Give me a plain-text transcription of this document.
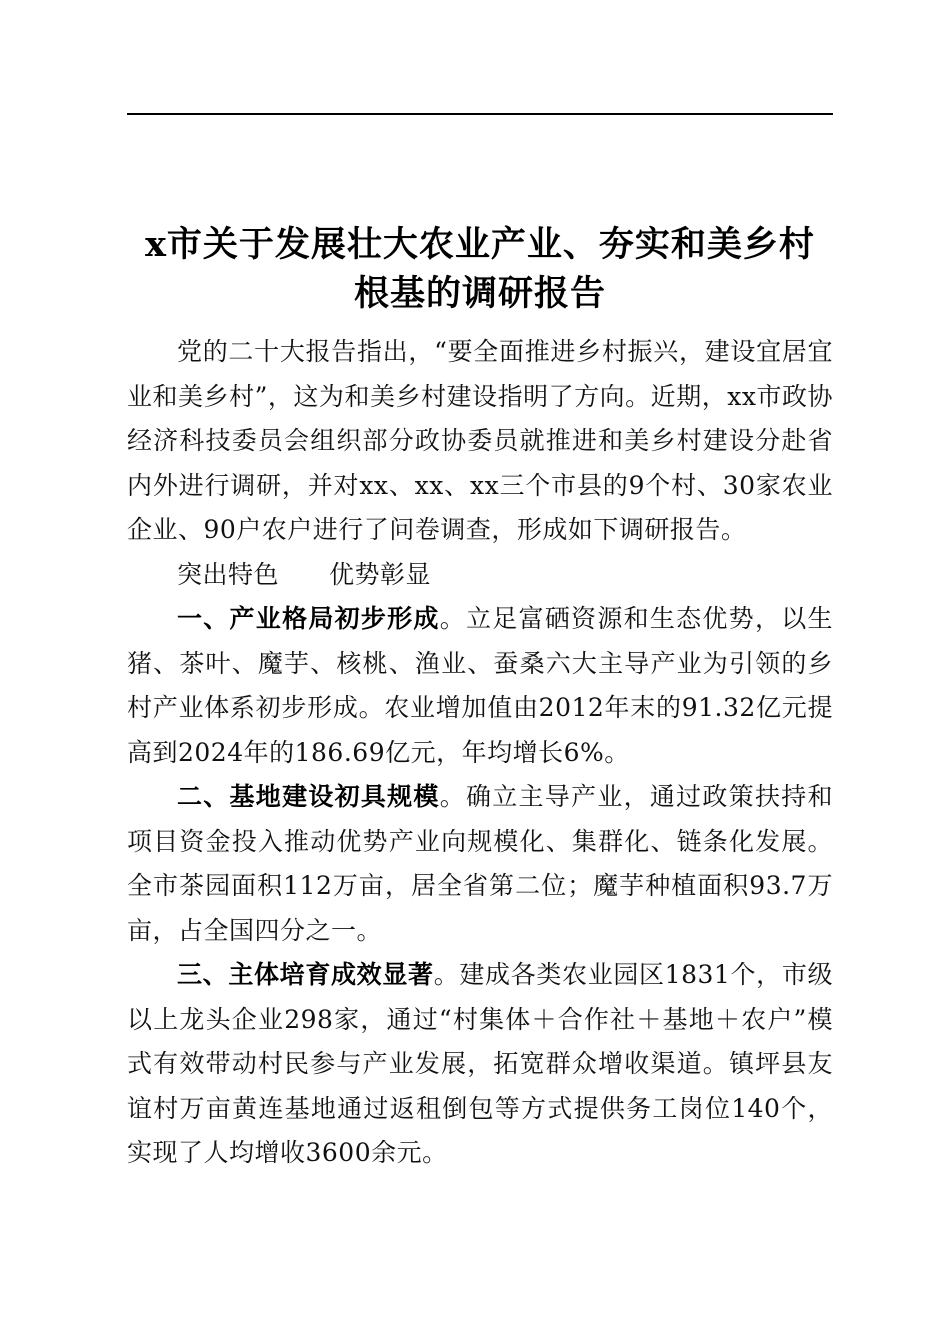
x市关于发展壮大农业产业、夯实和美乡村
根基的调研报告

党的二十大报告指出，“要全面推进乡村振兴，建设宜居宜业和美乡村”，这为和美乡村建设指明了方向。近期，xx市政协经济科技委员会组织部分政协委员就推进和美乡村建设分赴省内外进行调研，并对xx、xx、xx三个市县的9个村、30家农业企业、90户农户进行了问卷调查，形成如下调研报告。

突出特色 优势彰显

一、产业格局初步形成。立足富硒资源和生态优势，以生猪、茶叶、魔芋、核桃、渔业、蚕桑六大主导产业为引领的乡村产业体系初步形成。农业增加值由2012年末的91.32亿元提高到2024年的186.69亿元，年均增长6%。

二、基地建设初具规模。确立主导产业，通过政策扶持和项目资金投入推动优势产业向规模化、集群化、链条化发展。全市茶园面积112万亩，居全省第二位；魔芋种植面积93.7万亩，占全国四分之一。

三、主体培育成效显著。建成各类农业园区1831个，市级以上龙头企业298家，通过“村集体＋合作社＋基地＋农户”模式有效带动村民参与产业发展，拓宽群众增收渠道。镇坪县友谊村万亩黄连基地通过返租倒包等方式提供务工岗位140个，实现了人均增收3600余元。
